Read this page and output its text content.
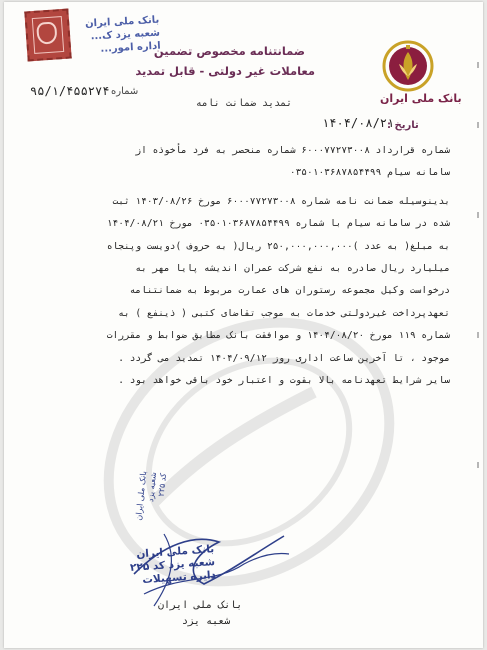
بانک ملی ایران
شعبه یزد ک...
اداره امور...
ضمانتنامه مخصوص تضمین
معاملات غیر دولتی - قابل تمدید
بانک ملی ایران
تاریخ :
۱۴۰۴/۰۸/۲۱
شماره
۹۵/۱/۴۵۵۲۷۴
تمدید ضمانت نامه
شماره قرارداد ۶۰۰۰۷۷۲۷۳۰۰۸ شماره منحصر به فرد مأخوذه از
سامانه سیام ۰۳۵۰۱۰۳۶۸۷۸۵۴۴۹۹
بدینوسیله ضمانت نامه شماره ۶۰۰۰۷۷۲۷۳۰۰۸ مورخ ۱۴۰۳/۰۸/۲۶ ثبت
شده در سامانه سیام با شماره ۰۳۵۰۱۰۳۶۸۷۸۵۴۴۹۹ مورخ ۱۴۰۴/۰۸/۲۱
به مبلغ( به عدد )۲۵۰,۰۰۰,۰۰۰,۰۰۰ ریال( به حروف )دویست وپنجاه
میلیارد ریال صادره به نفع شرکت عمران اندیشه پایا مهر به
درخواست وکیل مجموعه رستوران های عمارت مربوط به ضمانتنامه
تعهدپرداخت غیردولتی خدمات به موجب تقاضای کتبی ( ذینفع ) به
شماره ۱۱۹ مورخ ۱۴۰۴/۰۸/۲۰ و موافقت بانک مطابق ضوابط و مقررات
موجود ، تا آخرین ساعت اداری روز ۱۴۰۴/۰۹/۱۲ تمدید می گردد .
سایر شرایط تعهدنامه بالا بقوت و اعتبار خود باقی خواهد بود .
بانک ملی ایران
شعبه یزد
کد ۲۲۵
بانک ملی ایران
شعبه یزد کد ۲۲۵
دایره تسهیلات
بانک ملی ایران
شعبه یزد
